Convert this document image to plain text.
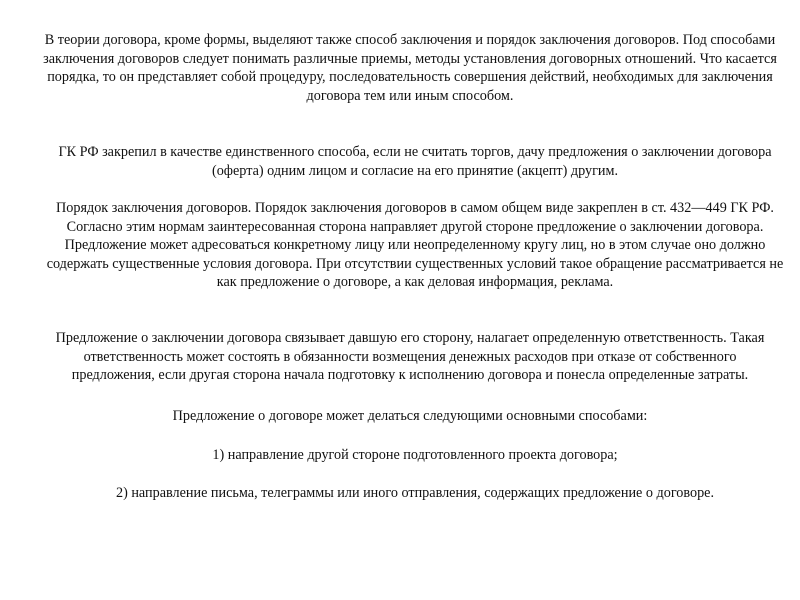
В теории договора, кроме формы, выделяют также способ заключения и порядок заключения договоров. Под способами заключения договоров следует понимать различные приемы, методы установления договорных отношений. Что касается порядка, то он представляет собой процедуру, последовательность совершения действий, необходимых для заключения договора тем или иным способом.

ГК РФ закрепил в качестве единственного способа, если не считать торгов, дачу предложения о заключении договора (оферта) одним лицом и согласие на его принятие (акцепт) другим.

Порядок заключения договоров. Порядок заключения договоров в самом общем виде закреплен в ст. 432—449 ГК РФ. Согласно этим нормам заинтересованная сторона направляет другой стороне предложение о заключении договора. Предложение может адресоваться конкретному лицу или неопределенному кругу лиц, но в этом случае оно должно содержать существенные условия договора. При отсутствии существенных условий такое обращение рассматривается не как предложение о договоре, а как деловая информация, реклама.

Предложение о заключении договора связывает давшую его сторону, налагает определенную ответственность. Такая ответственность может состоять в обязанности возмещения денежных расходов при отказе от собственного предложения, если другая сторона начала подготовку к исполнению договора и понесла определенные затраты.

Предложение о договоре может делаться следующими основными способами:

1) направление другой стороне подготовленного проекта договора;

2) направление письма, телеграммы или иного отправления, содержащих предложение о договоре.
